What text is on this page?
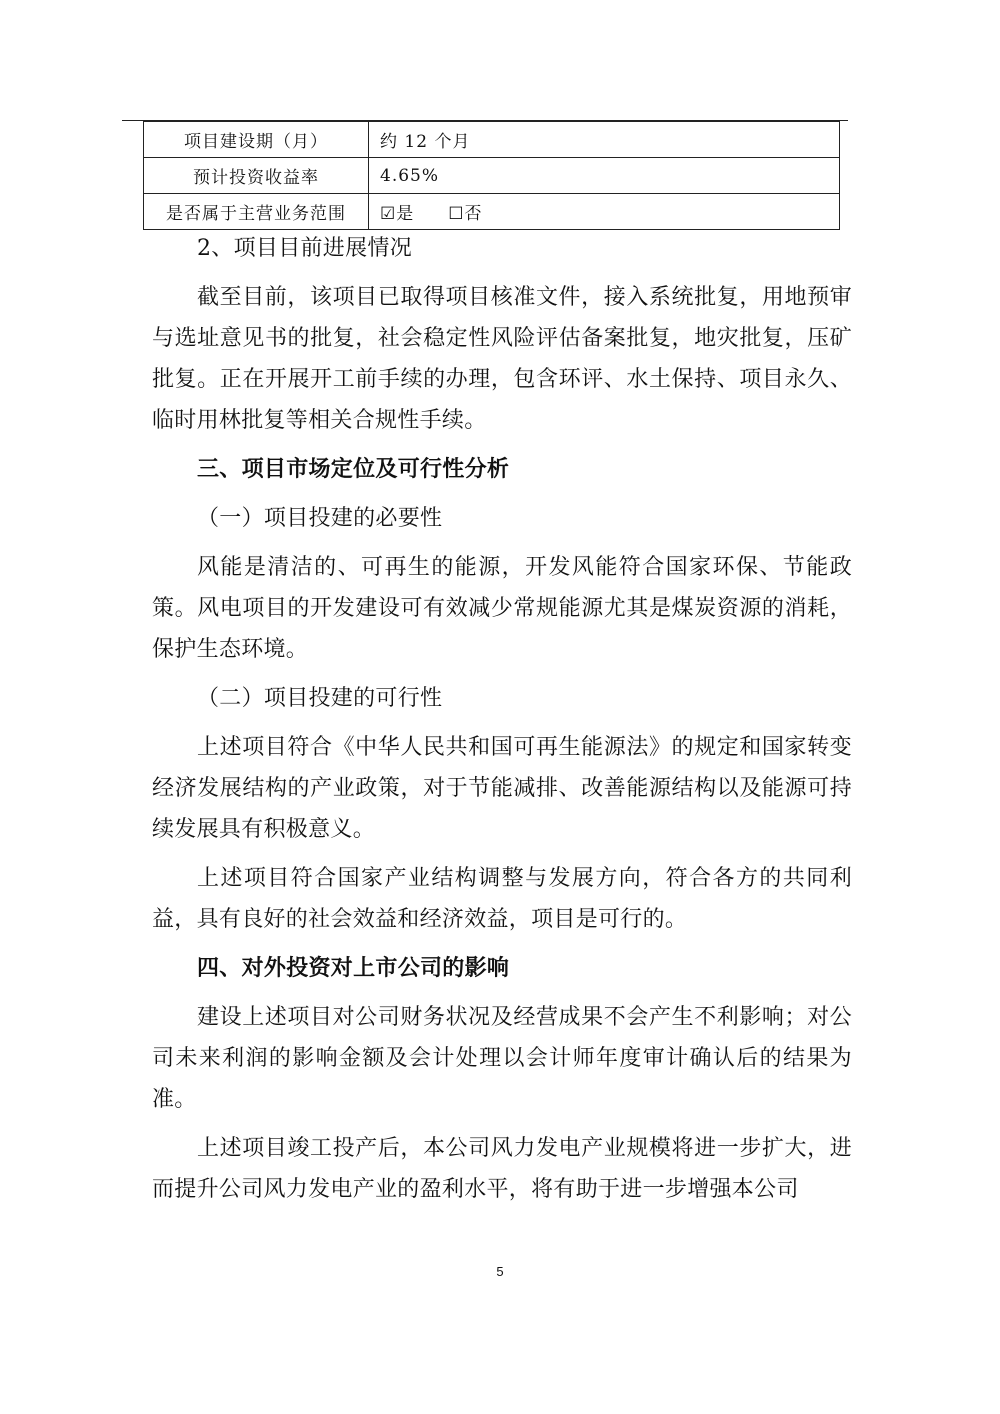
项目建设期（月）	约 12 个月
预计投资收益率	4.65%
是否属于主营业务范围	☑是 ☐否

2、项目目前进展情况

截至目前，该项目已取得项目核准文件，接入系统批复，用地预审与选址意见书的批复，社会稳定性风险评估备案批复，地灾批复，压矿批复。正在开展开工前手续的办理，包含环评、水土保持、项目永久、临时用林批复等相关合规性手续。

三、项目市场定位及可行性分析

（一）项目投建的必要性

风能是清洁的、可再生的能源，开发风能符合国家环保、节能政策。风电项目的开发建设可有效减少常规能源尤其是煤炭资源的消耗，保护生态环境。

（二）项目投建的可行性

上述项目符合《中华人民共和国可再生能源法》的规定和国家转变经济发展结构的产业政策，对于节能减排、改善能源结构以及能源可持续发展具有积极意义。

上述项目符合国家产业结构调整与发展方向，符合各方的共同利益，具有良好的社会效益和经济效益，项目是可行的。

四、对外投资对上市公司的影响

建设上述项目对公司财务状况及经营成果不会产生不利影响；对公司未来利润的影响金额及会计处理以会计师年度审计确认后的结果为准。

上述项目竣工投产后，本公司风力发电产业规模将进一步扩大，进而提升公司风力发电产业的盈利水平，将有助于进一步增强本公司

5
